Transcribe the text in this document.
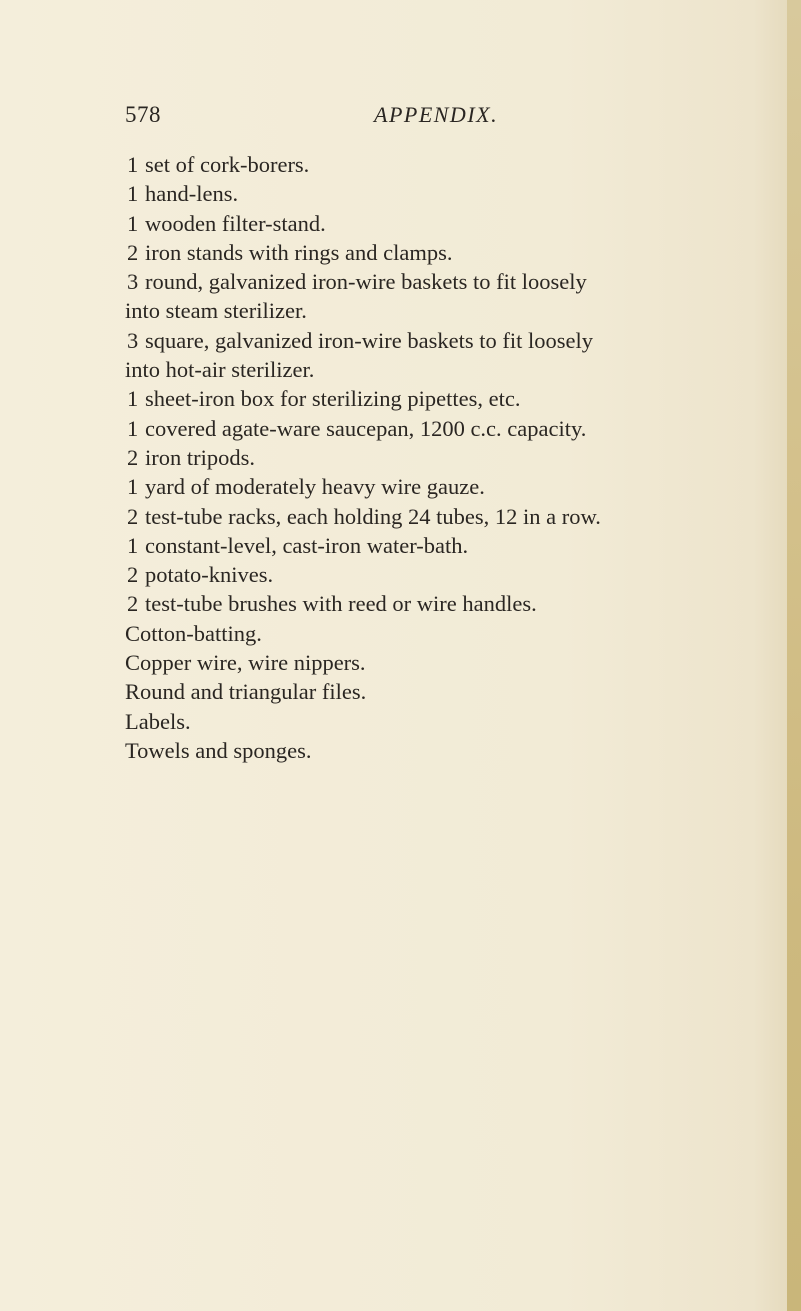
578	APPENDIX.
1 set of cork-borers.
1 hand-lens.
1 wooden filter-stand.
2 iron stands with rings and clamps.
3 round, galvanized iron-wire baskets to fit loosely
into steam sterilizer.
3 square, galvanized iron-wire baskets to fit loosely
into hot-air sterilizer.
1 sheet-iron box for sterilizing pipettes, etc.
1 covered agate-ware saucepan, 1200 c.c. capacity.
2 iron tripods.
1 yard of moderately heavy wire gauze.
2 test-tube racks, each holding 24 tubes, 12 in a row.
1 constant-level, cast-iron water-bath.
2 potato-knives.
2 test-tube brushes with reed or wire handles.
Cotton-batting.
Copper wire, wire nippers.
Round and triangular files.
Labels.
Towels and sponges.
